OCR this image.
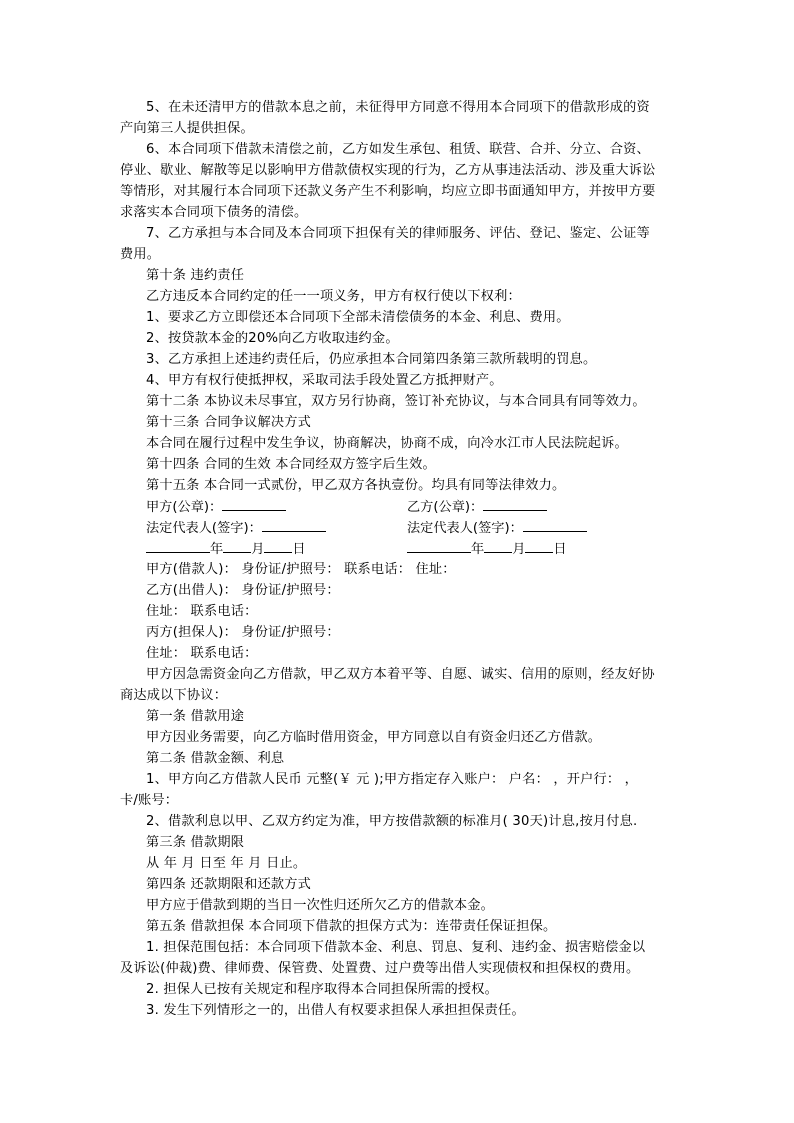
5、在未还清甲方的借款本息之前，未征得甲方同意不得用本合同项下的借款形成的资
产向第三人提供担保。
6、本合同项下借款未清偿之前，乙方如发生承包、租赁、联营、合并、分立、合资、
停业、歇业、解散等足以影响甲方借款债权实现的行为，乙方从事违法活动、涉及重大诉讼
等情形，对其履行本合同项下还款义务产生不利影响，均应立即书面通知甲方，并按甲方要
求落实本合同项下债务的清偿。
7、乙方承担与本合同及本合同项下担保有关的律师服务、评估、登记、鉴定、公证等
费用。
第十条 违约责任
乙方违反本合同约定的任一一项义务，甲方有权行使以下权利：
1、要求乙方立即偿还本合同项下全部未清偿债务的本金、利息、费用。
2、按贷款本金的20%向乙方收取违约金。
3、乙方承担上述违约责任后，仍应承担本合同第四条第三款所载明的罚息。
4、甲方有权行使抵押权，采取司法手段处置乙方抵押财产。
第十二条 本协议未尽事宜，双方另行协商，签订补充协议，与本合同具有同等效力。
第十三条 合同争议解决方式
本合同在履行过程中发生争议，协商解决，协商不成，向冷水江市人民法院起诉。
第十四条 合同的生效 本合同经双方签字后生效。
第十五条 本合同一式贰份，甲乙双方各执壹份。均具有同等法律效力。
甲方(公章)：	乙方(公章)：
法定代表人(签字)：	法定代表人(签字)：
年 月 日	年 月 日
甲方(借款人)： 身份证/护照号： 联系电话： 住址：
乙方(出借人)： 身份证/护照号：
住址： 联系电话：
丙方(担保人)： 身份证/护照号：
住址： 联系电话：
甲方因急需资金向乙方借款，甲乙双方本着平等、自愿、诚实、信用的原则，经友好协
商达成以下协议：
第一条 借款用途
甲方因业务需要，向乙方临时借用资金，甲方同意以自有资金归还乙方借款。
第二条 借款金额、利息
1、甲方向乙方借款人民币 元整(￥ 元 );甲方指定存入账户： 户名： ，开户行： ，
卡/账号：
2、借款利息以甲、乙双方约定为准，甲方按借款额的标准月( 30天)计息,按月付息.
第三条 借款期限
从 年 月 日至 年 月 日止。
第四条 还款期限和还款方式
甲方应于借款到期的当日一次性归还所欠乙方的借款本金。
第五条 借款担保 本合同项下借款的担保方式为：连带责任保证担保。
1. 担保范围包括：本合同项下借款本金、利息、罚息、复利、违约金、损害赔偿金以
及诉讼(仲裁)费、律师费、保管费、处置费、过户费等出借人实现债权和担保权的费用。
2. 担保人已按有关规定和程序取得本合同担保所需的授权。
3. 发生下列情形之一的，出借人有权要求担保人承担担保责任。
